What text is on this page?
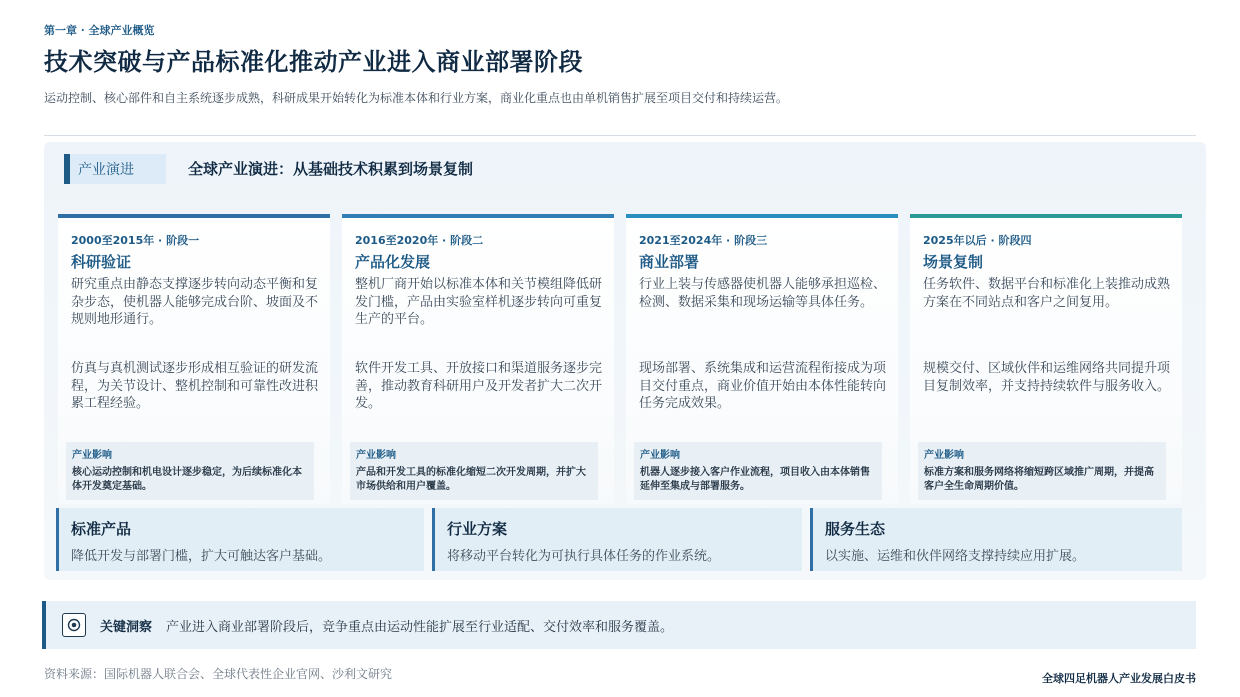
第一章 · 全球产业概览
技术突破与产品标准化推动产业进入商业部署阶段
运动控制、核心部件和自主系统逐步成熟，科研成果开始转化为标准本体和行业方案，商业化重点也由单机销售扩展至项目交付和持续运营。
产业演进	全球产业演进：从基础技术积累到场景复制
2000至2015年 · 阶段一
科研验证
研究重点由静态支撑逐步转向动态平衡和复杂步态，使机器人能够完成台阶、坡面及不规则地形通行。
仿真与真机测试逐步形成相互验证的研发流程，为关节设计、整机控制和可靠性改进积累工程经验。
产业影响
核心运动控制和机电设计逐步稳定，为后续标准化本体开发奠定基础。
2016至2020年 · 阶段二
产品化发展
整机厂商开始以标准本体和关节模组降低研发门槛，产品由实验室样机逐步转向可重复生产的平台。
软件开发工具、开放接口和渠道服务逐步完善，推动教育科研用户及开发者扩大二次开发。
产业影响
产品和开发工具的标准化缩短二次开发周期，并扩大市场供给和用户覆盖。
2021至2024年 · 阶段三
商业部署
行业上装与传感器使机器人能够承担巡检、检测、数据采集和现场运输等具体任务。
现场部署、系统集成和运营流程衔接成为项目交付重点，商业价值开始由本体性能转向任务完成效果。
产业影响
机器人逐步接入客户作业流程，项目收入由本体销售延伸至集成与部署服务。
2025年以后 · 阶段四
场景复制
任务软件、数据平台和标准化上装推动成熟方案在不同站点和客户之间复用。
规模交付、区域伙伴和运维网络共同提升项目复制效率，并支持持续软件与服务收入。
产业影响
标准方案和服务网络将缩短跨区域推广周期，并提高客户全生命周期价值。
标准产品
降低开发与部署门槛，扩大可触达客户基础。
行业方案
将移动平台转化为可执行具体任务的作业系统。
服务生态
以实施、运维和伙伴网络支撑持续应用扩展。
关键洞察 产业进入商业部署阶段后，竞争重点由运动性能扩展至行业适配、交付效率和服务覆盖。
资料来源：国际机器人联合会、全球代表性企业官网、沙利文研究	全球四足机器人产业发展白皮书
